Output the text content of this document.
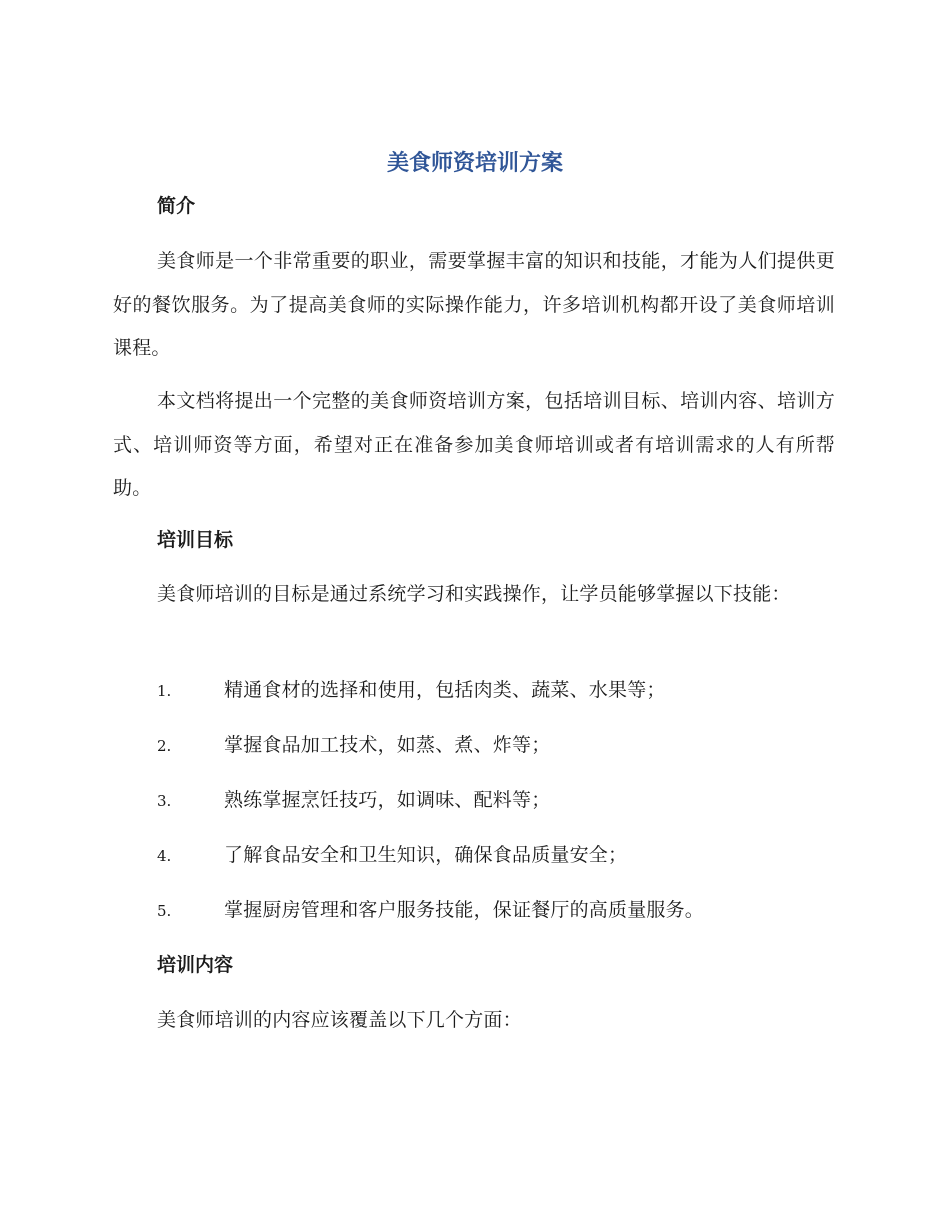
美食师资培训方案
简介

美食师是一个非常重要的职业，需要掌握丰富的知识和技能，才能为人们提供更好的餐饮服务。为了提高美食师的实际操作能力，许多培训机构都开设了美食师培训课程。

本文档将提出一个完整的美食师资培训方案，包括培训目标、培训内容、培训方式、培训师资等方面，希望对正在准备参加美食师培训或者有培训需求的人有所帮助。

培训目标

美食师培训的目标是通过系统学习和实践操作，让学员能够掌握以下技能：

1.	精通食材的选择和使用，包括肉类、蔬菜、水果等；
2.	掌握食品加工技术，如蒸、煮、炸等；
3.	熟练掌握烹饪技巧，如调味、配料等；
4.	了解食品安全和卫生知识，确保食品质量安全；
5.	掌握厨房管理和客户服务技能，保证餐厅的高质量服务。
培训内容

美食师培训的内容应该覆盖以下几个方面：
